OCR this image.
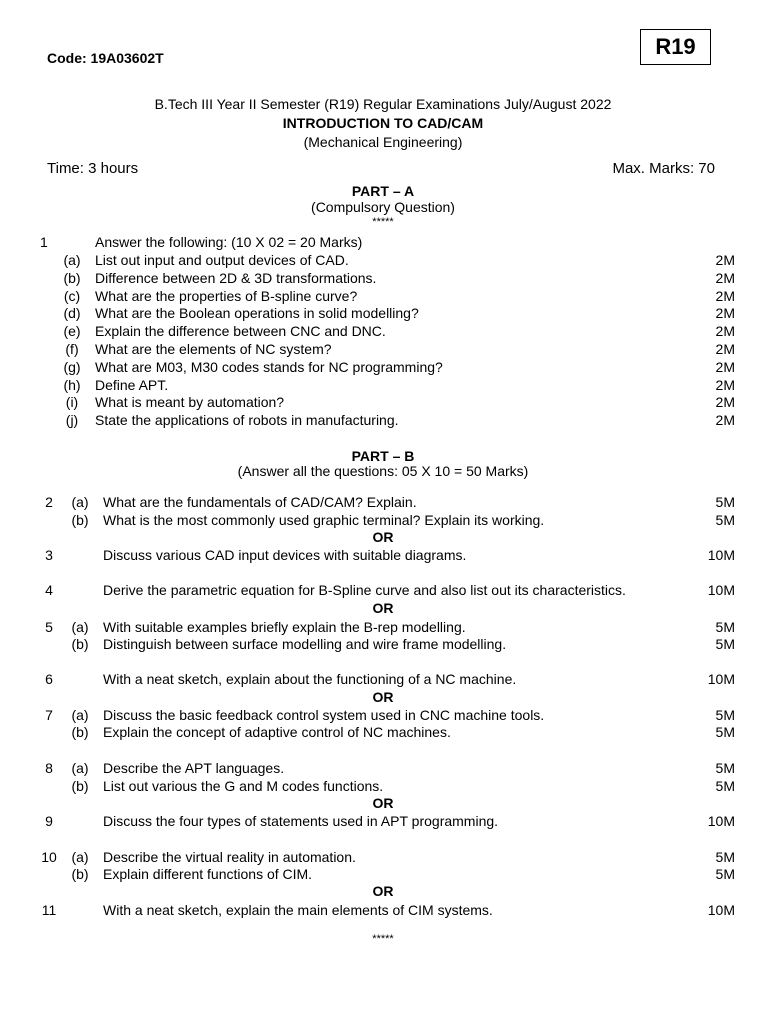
Code: 19A03602T	R19
B.Tech III Year II Semester (R19) Regular Examinations July/August 2022
INTRODUCTION TO CAD/CAM
(Mechanical Engineering)
Time: 3 hours	Max. Marks: 70
PART – A
(Compulsory Question)
*****
1	Answer the following: (10 X 02 = 20 Marks)
(a) List out input and output devices of CAD.	2M
(b) Difference between 2D & 3D transformations.	2M
(c) What are the properties of B-spline curve?	2M
(d) What are the Boolean operations in solid modelling?	2M
(e) Explain the difference between CNC and DNC.	2M
(f)	What are the elements of NC system?	2M
(g) What are M03, M30 codes stands for NC programming?	2M
(h) Define APT.	2M
(i)	What is meant by automation?	2M
(j)	State the applications of robots in manufacturing.	2M
PART – B
(Answer all the questions: 05 X 10 = 50 Marks)
2	(a) What are the fundamentals of CAD/CAM? Explain.	5M
(b) What is the most commonly used graphic terminal? Explain its working.	5M
3	Discuss various CAD input devices with suitable diagrams.	10M
4	Derive the parametric equation for B-Spline curve and also list out its characteristics.	10M
5	(a) With suitable examples briefly explain the B-rep modelling.	5M
(b) Distinguish between surface modelling and wire frame modelling.	5M
6	With a neat sketch, explain about the functioning of a NC machine.	10M
7	(a) Discuss the basic feedback control system used in CNC machine tools.	5M
(b) Explain the concept of adaptive control of NC machines.	5M
8	(a) Describe the APT languages.	5M
(b) List out various the G and M codes functions.	5M
9	Discuss the four types of statements used in APT programming.	10M
10	(a) Describe the virtual reality in automation.	5M
(b) Explain different functions of CIM.	5M
11	With a neat sketch, explain the main elements of CIM systems.	10M
OR
OR
OR
OR
OR
*****
